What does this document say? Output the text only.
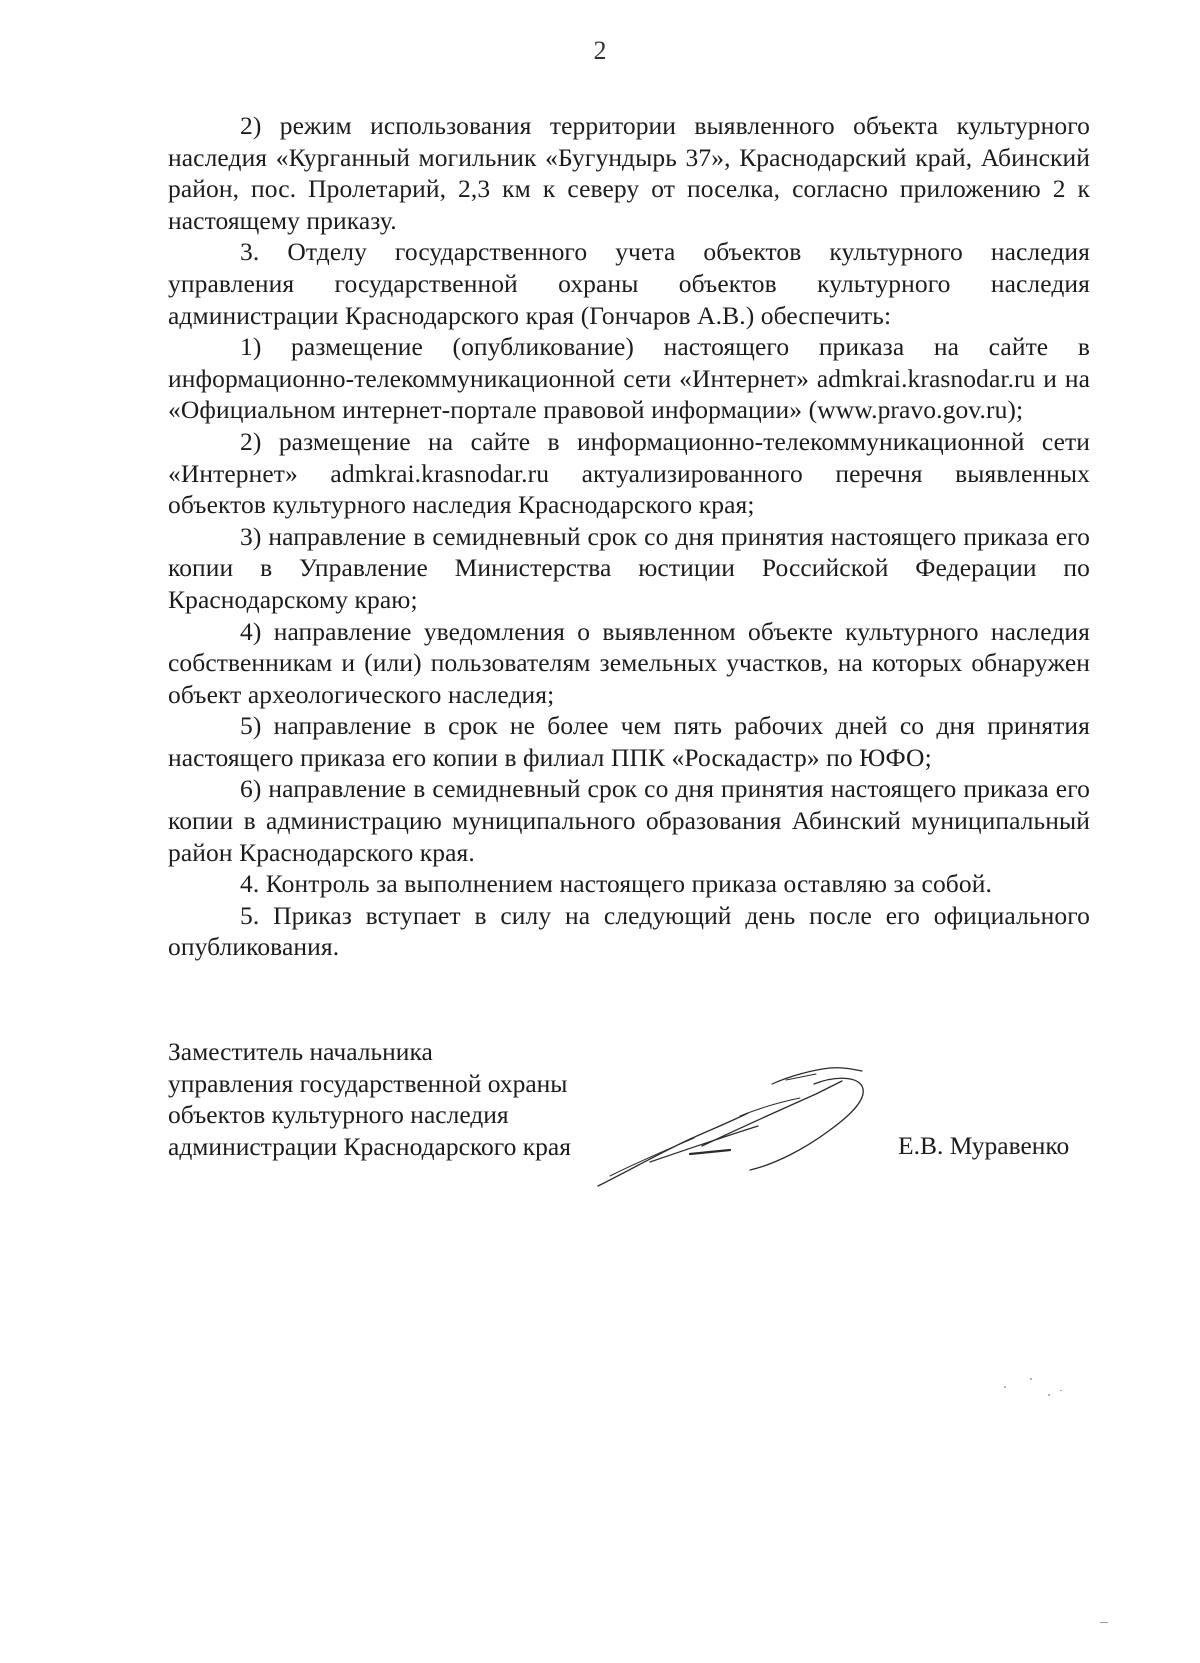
2

2) режим использования территории выявленного объекта культурного наследия «Курганный могильник «Бугундырь 37», Краснодарский край, Абинский район, пос. Пролетарий, 2,3 км к северу от поселка, согласно приложению 2 к настоящему приказу.

3. Отделу государственного учета объектов культурного наследия управления государственной охраны объектов культурного наследия администрации Краснодарского края (Гончаров А.В.) обеспечить:

1) размещение (опубликование) настоящего приказа на сайте в информационно-телекоммуникационной сети «Интернет» admkrai.krasnodar.ru и на «Официальном интернет-портале правовой информации» (www.pravo.gov.ru);

2) размещение на сайте в информационно-телекоммуникационной сети «Интернет» admkrai.krasnodar.ru актуализированного перечня выявленных объектов культурного наследия Краснодарского края;

3) направление в семидневный срок со дня принятия настоящего приказа его копии в Управление Министерства юстиции Российской Федерации по Краснодарскому краю;

4) направление уведомления о выявленном объекте культурного наследия собственникам и (или) пользователям земельных участков, на которых обнаружен объект археологического наследия;

5) направление в срок не более чем пять рабочих дней со дня принятия настоящего приказа его копии в филиал ППК «Роскадастр» по ЮФО;

6) направление в семидневный срок со дня принятия настоящего приказа его копии в администрацию муниципального образования Абинский муниципальный район Краснодарского края.

4. Контроль за выполнением настоящего приказа оставляю за собой.

5. Приказ вступает в силу на следующий день после его официального опубликования.

Заместитель начальника
управления государственной охраны
объектов культурного наследия
администрации Краснодарского края	Е.В. Муравенко
